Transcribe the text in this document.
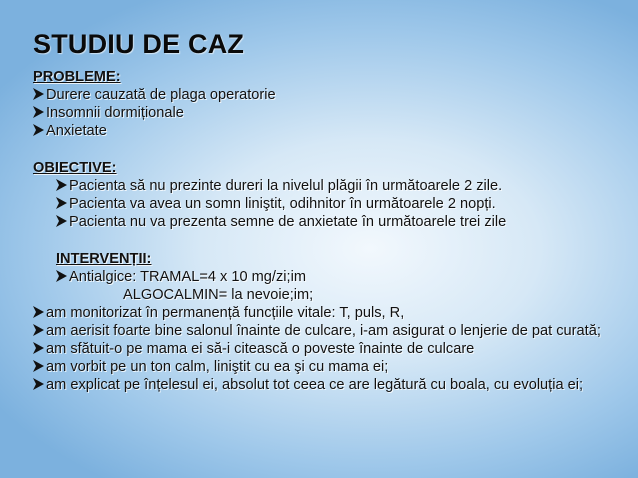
STUDIU DE CAZ
PROBLEME:
Durere cauzată de plaga operatorie
Insomnii dormiționale
Anxietate
OBIECTIVE:
Pacienta să nu prezinte dureri la nivelul plăgii în următoarele 2 zile.
Pacienta va avea un somn liniştit, odihnitor în următoarele 2 nopți.
Pacienta nu va prezenta semne de anxietate în următoarele trei zile
INTERVENȚII:
Antialgice: TRAMAL=4 x 10 mg/zi;im
ALGOCALMIN= la nevoie;im;
am monitorizat în permanență funcțiile vitale: T, puls, R,
am aerisit foarte bine salonul înainte de culcare, i-am asigurat o lenjerie de pat curată;
am sfătuit-o pe mama ei să-i citească o poveste înainte de culcare
am vorbit pe un ton calm, liniştit cu ea şi cu mama ei;
am explicat pe înțelesul ei, absolut tot ceea ce are legătură cu boala, cu evoluția ei;
